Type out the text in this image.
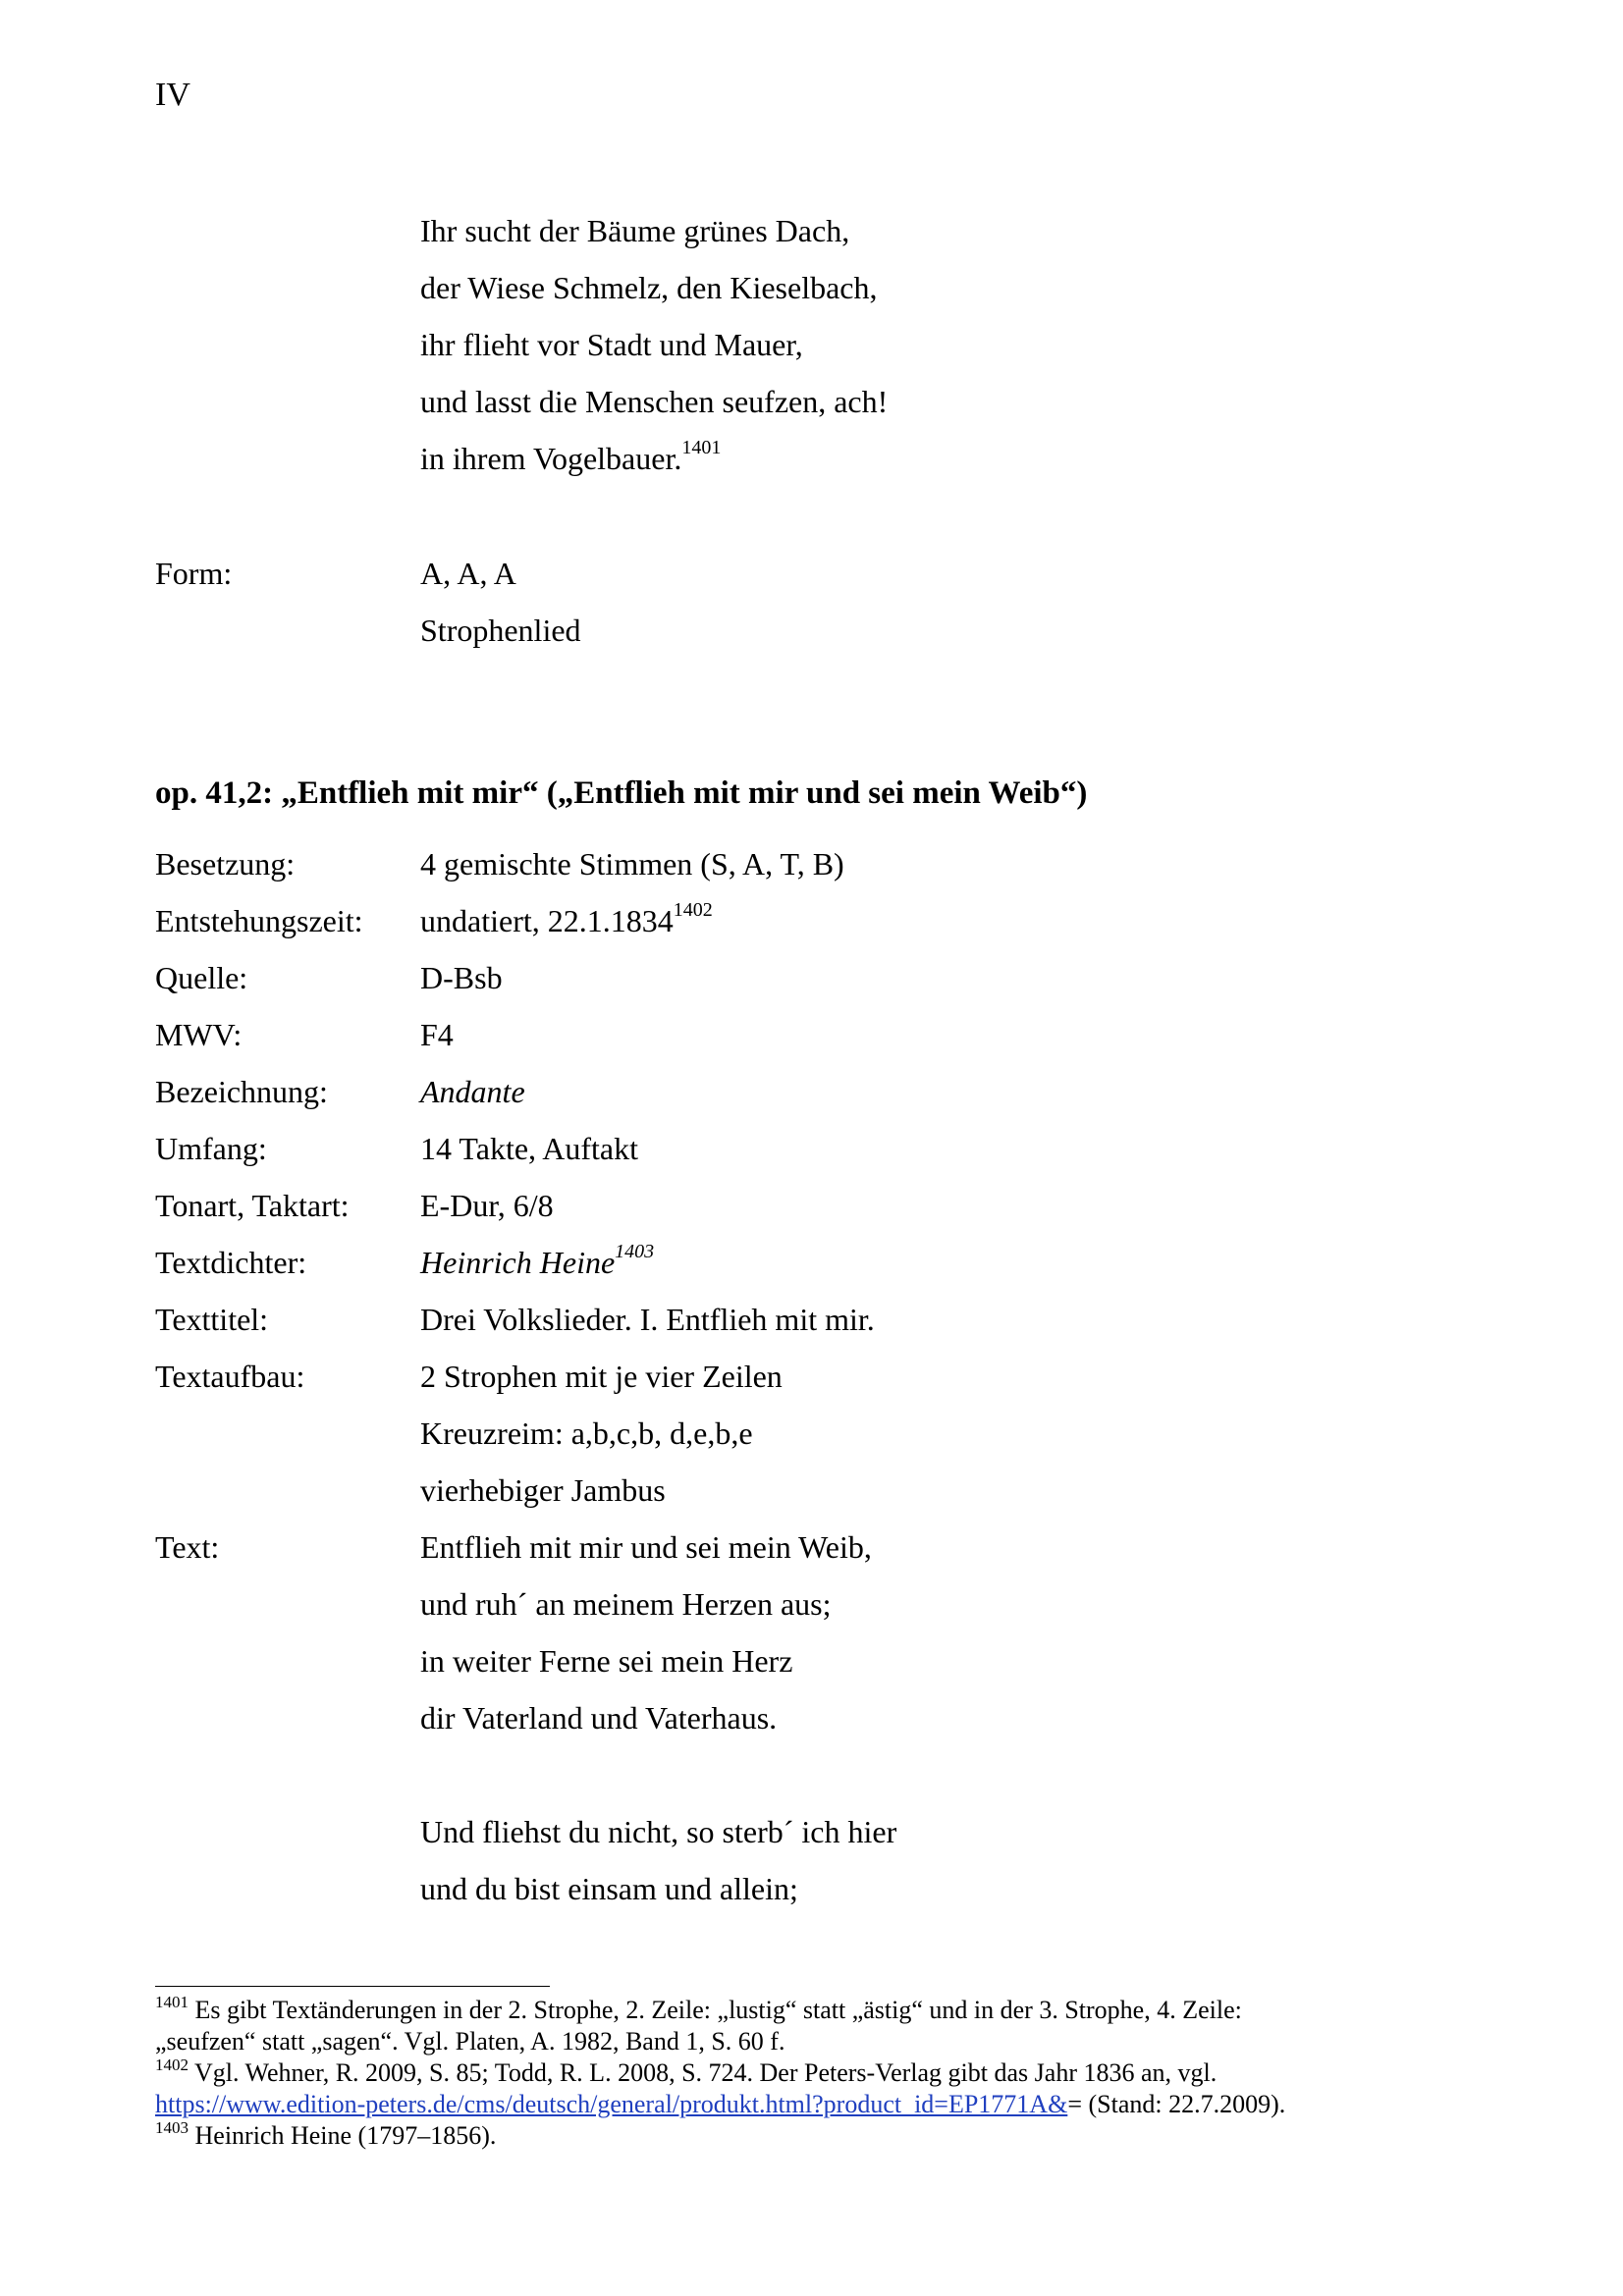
IV
Ihr sucht der Bäume grünes Dach,
der Wiese Schmelz, den Kieselbach,
ihr flieht vor Stadt und Mauer,
und lasst die Menschen seufzen, ach!
in ihrem Vogelbauer.$^{1401}$
Form:	A, A, A
Strophenlied
op. 41,2: „Entflieh mit mir“ („Entflieh mit mir und sei mein Weib“)
Besetzung:	4 gemischte Stimmen (S, A, T, B)
Entstehungszeit:	undatiert, $22.1.1834^{1402}$
Quelle:	D-Bsb
MWV:	F4
Bezeichnung:	Andante
Umfang:	14 Takte, Auftakt
Tonart, Taktart:	E-Dur, 6/8
Textdichter:	Heinrich Heine$^{1403}$
Texttitel:	Drei Volkslieder. I. Entflieh mit mir.
Textaufbau:	2 Strophen mit je vier Zeilen
Kreuzreim: a,b,c,b, d,e,b,e
vierhebiger Jambus
Text:	Entflieh mit mir und sei mein Weib,
und ruh´ an meinem Herzen aus;
in weiter Ferne sei mein Herz
dir Vaterland und Vaterhaus.
Und fliehst du nicht, so sterb´ ich hier
und du bist einsam und allein;

$^{1401}$ Es gibt Textänderungen in der 2. Strophe, 2. Zeile: „lustig“ statt „ästig“ und in der 3. Strophe, 4. Zeile:

„seufzen“ statt „sagen“. Vgl. Platen, A. 1982, Band 1, S. 60 f.

$^{1402}$ Vgl. Wehner, R. 2009, S. 85; Todd, R. L. 2008, S. 724. Der Peters-Verlag gibt das Jahr 1836 an, vgl.

https://www.edition-peters.de/cms/deutsch/general/produkt.html?product_id=EP1771A&= (Stand: 22.7.2009).

$^{1403}$ Heinrich Heine (1797–1856).
